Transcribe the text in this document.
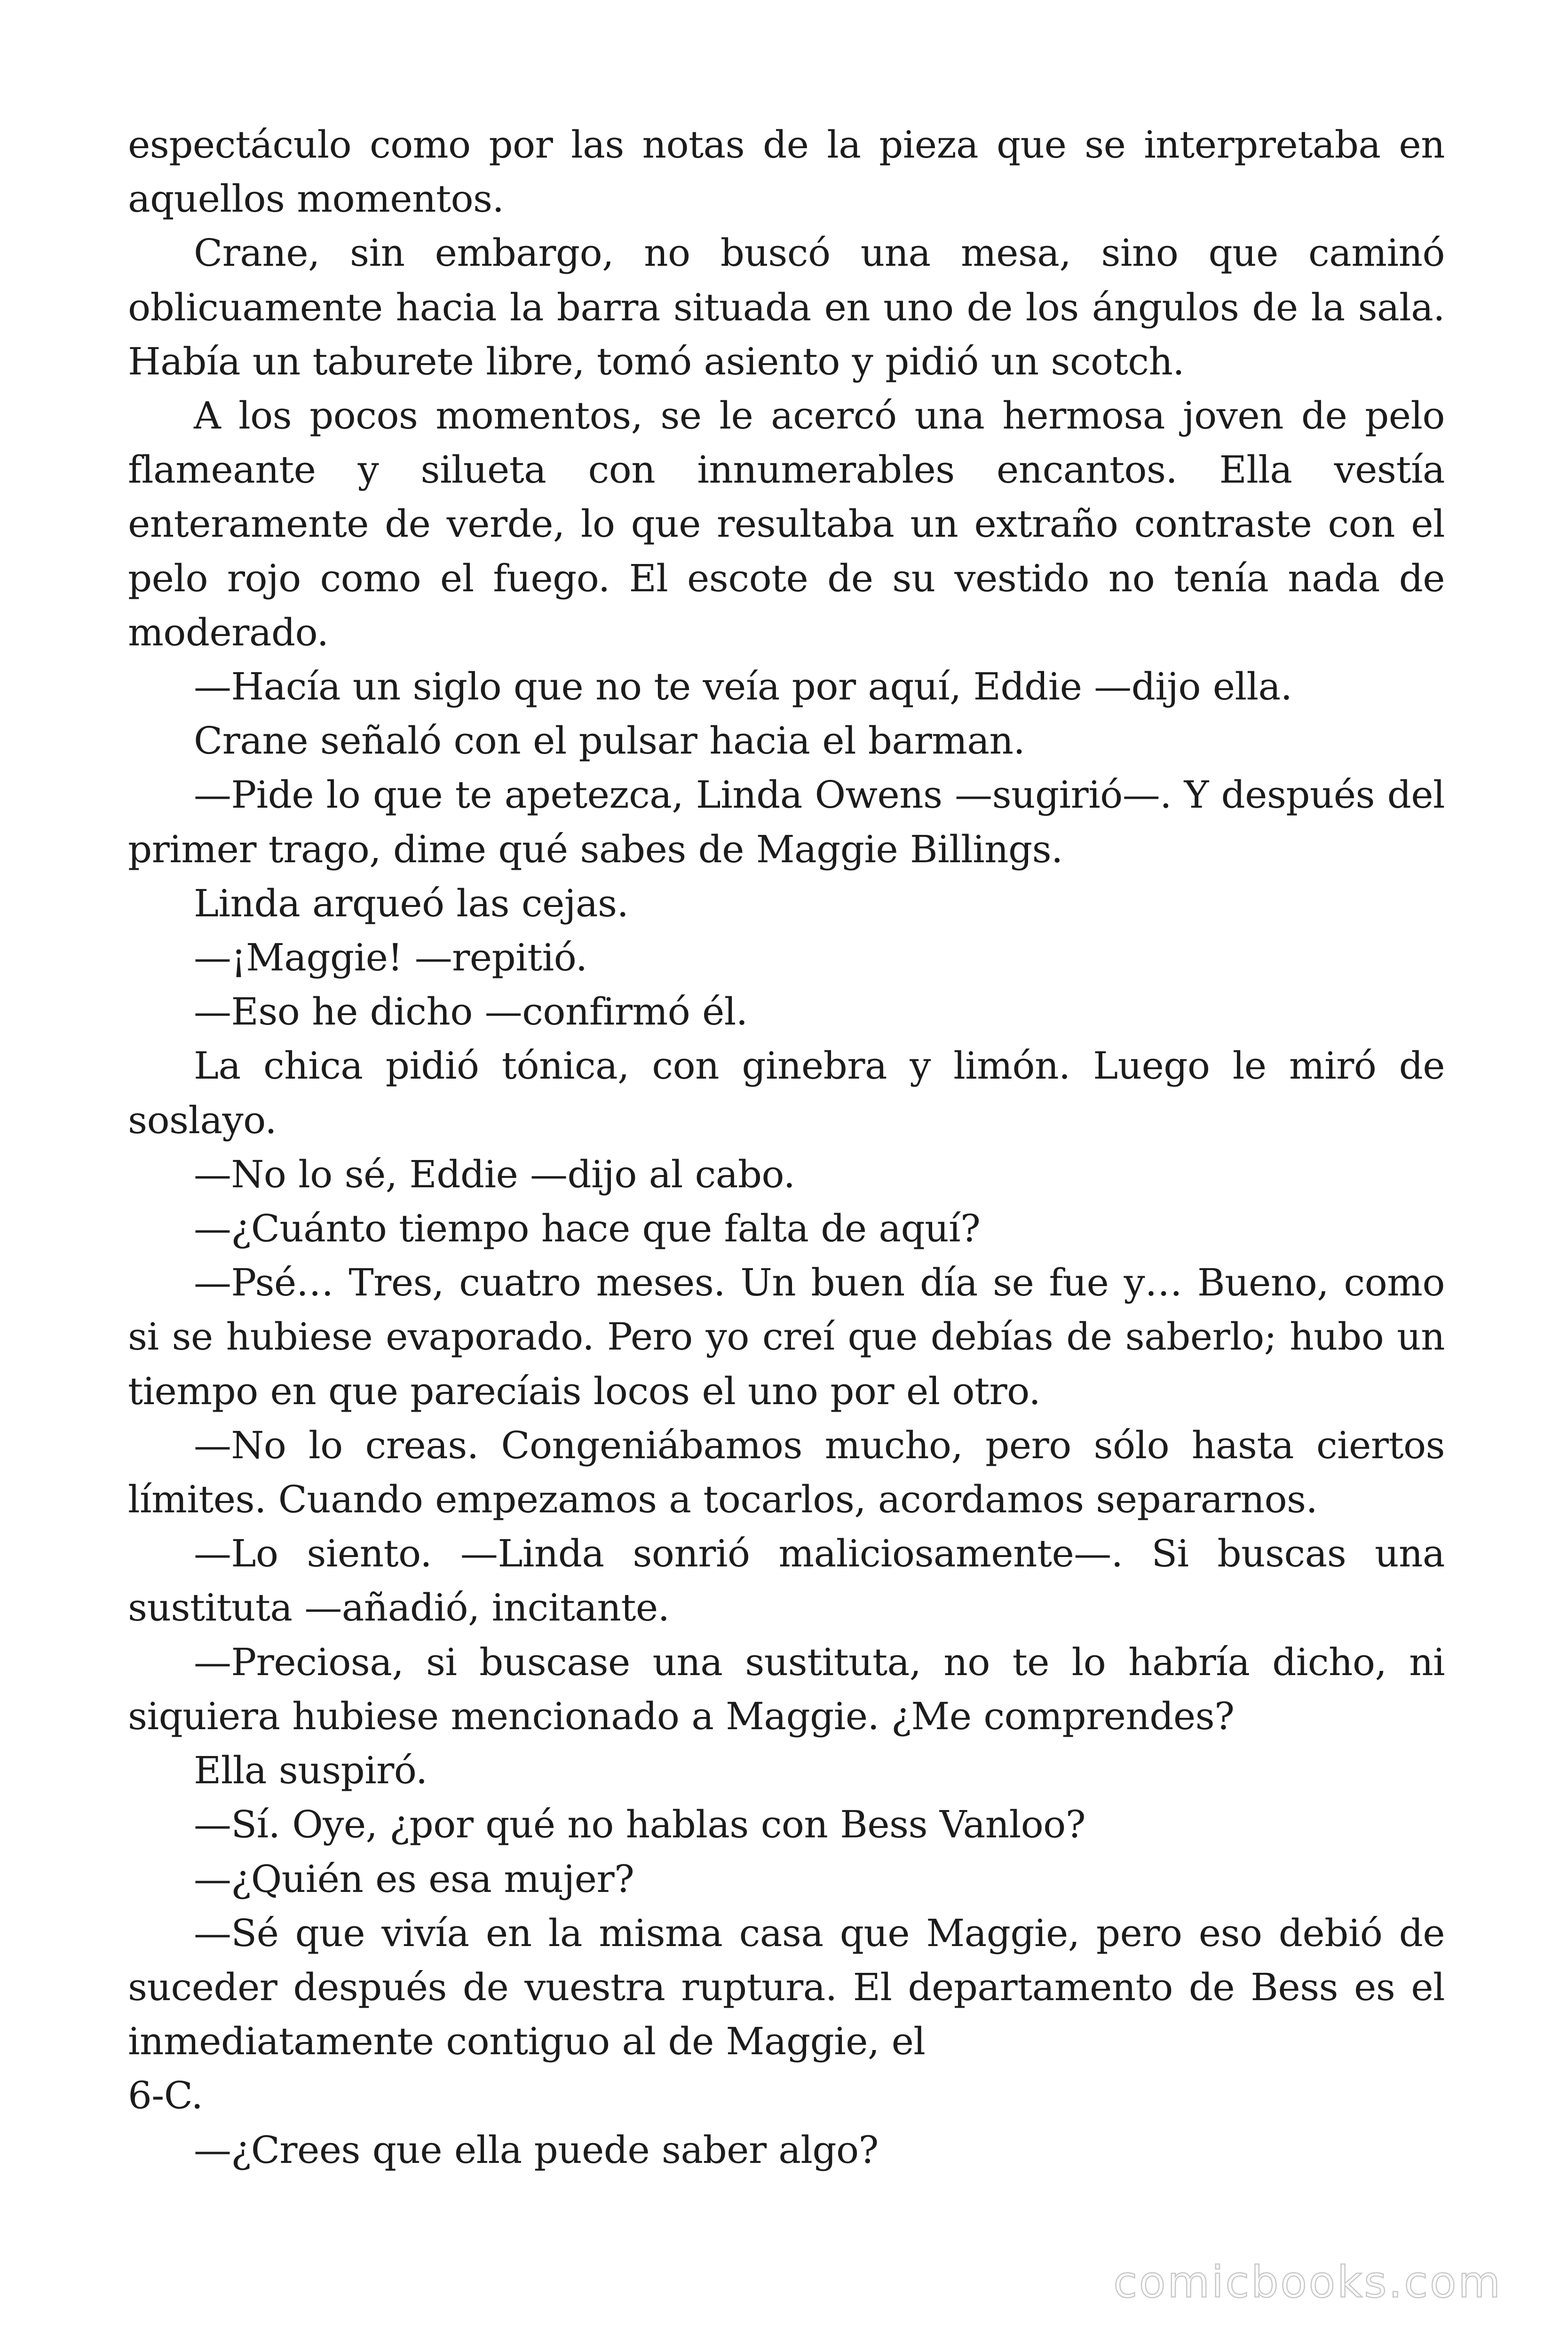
espectáculo como por las notas de la pieza que se interpretaba en aquellos momentos.

Crane, sin embargo, no buscó una mesa, sino que caminó oblicuamente hacia la barra situada en uno de los ángulos de la sala. Había un taburete libre, tomó asiento y pidió un scotch.

A los pocos momentos, se le acercó una hermosa joven de pelo flameante y silueta con innumerables encantos. Ella vestía enteramente de verde, lo que resultaba un extraño contraste con el pelo rojo como el fuego. El escote de su vestido no tenía nada de moderado.

—Hacía un siglo que no te veía por aquí, Eddie —dijo ella.

Crane señaló con el pulsar hacia el barman.

—Pide lo que te apetezca, Linda Owens —sugirió—. Y después del primer trago, dime qué sabes de Maggie Billings.

Linda arqueó las cejas.

—¡Maggie! —repitió.

—Eso he dicho —confirmó él.

La chica pidió tónica, con ginebra y limón. Luego le miró de soslayo.

—No lo sé, Eddie —dijo al cabo.

—¿Cuánto tiempo hace que falta de aquí?

—Psé… Tres, cuatro meses. Un buen día se fue y… Bueno, como si se hubiese evaporado. Pero yo creí que debías de saberlo; hubo un tiempo en que parecíais locos el uno por el otro.

—No lo creas. Congeniábamos mucho, pero sólo hasta ciertos límites. Cuando empezamos a tocarlos, acordamos separarnos.

—Lo siento. —Linda sonrió maliciosamente—. Si buscas una sustituta —añadió, incitante.

—Preciosa, si buscase una sustituta, no te lo habría dicho, ni siquiera hubiese mencionado a Maggie. ¿Me comprendes?

Ella suspiró.

—Sí. Oye, ¿por qué no hablas con Bess Vanloo?

—¿Quién es esa mujer?

—Sé que vivía en la misma casa que Maggie, pero eso debió de suceder después de vuestra ruptura. El departamento de Bess es el inmediatamente contiguo al de Maggie, el

6-C.

—¿Crees que ella puede saber algo?

comicbooks.com
